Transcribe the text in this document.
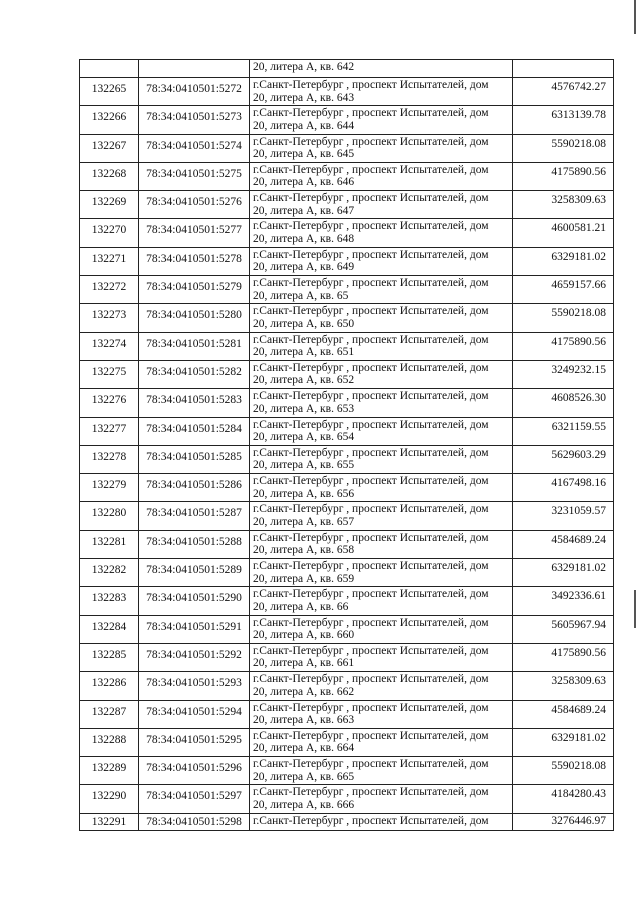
		20, литера А, кв. 642	

132265	78:34:0410501:5272	г.Санкт-Петербург , проспект Испытателей, дом
20, литера А, кв. 643	4576742.27
132266	78:34:0410501:5273	г.Санкт-Петербург , проспект Испытателей, дом
20, литера А, кв. 644	6313139.78
132267	78:34:0410501:5274	г.Санкт-Петербург , проспект Испытателей, дом
20, литера А, кв. 645	5590218.08
132268	78:34:0410501:5275	г.Санкт-Петербург , проспект Испытателей, дом
20, литера А, кв. 646	4175890.56
132269	78:34:0410501:5276	г.Санкт-Петербург , проспект Испытателей, дом
20, литера А, кв. 647	3258309.63
132270	78:34:0410501:5277	г.Санкт-Петербург , проспект Испытателей, дом
20, литера А, кв. 648	4600581.21
132271	78:34:0410501:5278	г.Санкт-Петербург , проспект Испытателей, дом
20, литера А, кв. 649	6329181.02
132272	78:34:0410501:5279	г.Санкт-Петербург , проспект Испытателей, дом
20, литера А, кв. 65	4659157.66
132273	78:34:0410501:5280	г.Санкт-Петербург , проспект Испытателей, дом
20, литера А, кв. 650	5590218.08
132274	78:34:0410501:5281	г.Санкт-Петербург , проспект Испытателей, дом
20, литера А, кв. 651	4175890.56
132275	78:34:0410501:5282	г.Санкт-Петербург , проспект Испытателей, дом
20, литера А, кв. 652	3249232.15
132276	78:34:0410501:5283	г.Санкт-Петербург , проспект Испытателей, дом
20, литера А, кв. 653	4608526.30
132277	78:34:0410501:5284	г.Санкт-Петербург , проспект Испытателей, дом
20, литера А, кв. 654	6321159.55
132278	78:34:0410501:5285	г.Санкт-Петербург , проспект Испытателей, дом
20, литера А, кв. 655	5629603.29
132279	78:34:0410501:5286	г.Санкт-Петербург , проспект Испытателей, дом
20, литера А, кв. 656	4167498.16
132280	78:34:0410501:5287	г.Санкт-Петербург , проспект Испытателей, дом
20, литера А, кв. 657	3231059.57
132281	78:34:0410501:5288	г.Санкт-Петербург , проспект Испытателей, дом
20, литера А, кв. 658	4584689.24
132282	78:34:0410501:5289	г.Санкт-Петербург , проспект Испытателей, дом
20, литера А, кв. 659	6329181.02
132283	78:34:0410501:5290	г.Санкт-Петербург , проспект Испытателей, дом
20, литера А, кв. 66	3492336.61
132284	78:34:0410501:5291	г.Санкт-Петербург , проспект Испытателей, дом
20, литера А, кв. 660	5605967.94
132285	78:34:0410501:5292	г.Санкт-Петербург , проспект Испытателей, дом
20, литера А, кв. 661	4175890.56
132286	78:34:0410501:5293	г.Санкт-Петербург , проспект Испытателей, дом
20, литера А, кв. 662	3258309.63
132287	78:34:0410501:5294	г.Санкт-Петербург , проспект Испытателей, дом
20, литера А, кв. 663	4584689.24
132288	78:34:0410501:5295	г.Санкт-Петербург , проспект Испытателей, дом
20, литера А, кв. 664	6329181.02
132289	78:34:0410501:5296	г.Санкт-Петербург , проспект Испытателей, дом
20, литера А, кв. 665	5590218.08
132290	78:34:0410501:5297	г.Санкт-Петербург , проспект Испытателей, дом
20, литера А, кв. 666	4184280.43
132291	78:34:0410501:5298	г.Санкт-Петербург , проспект Испытателей, дом	3276446.97
